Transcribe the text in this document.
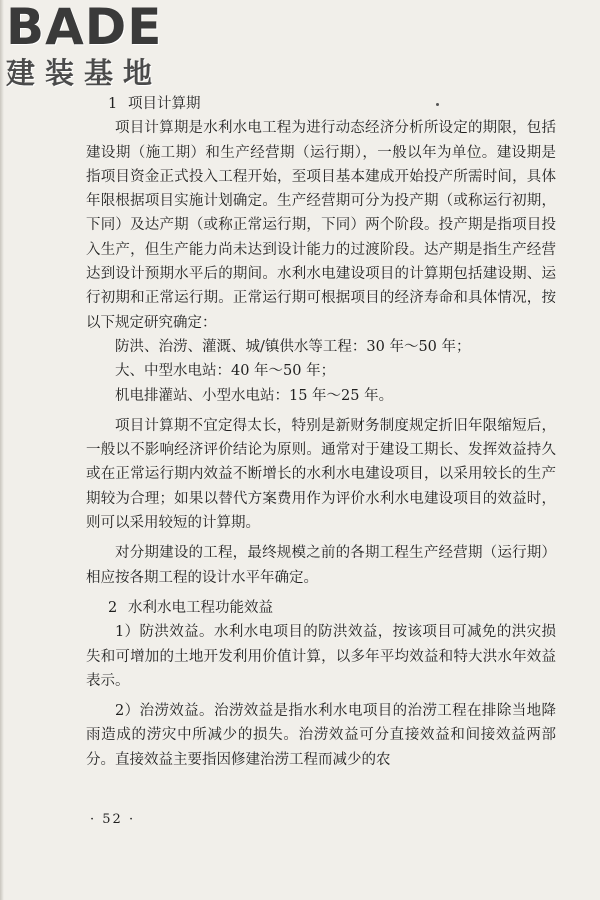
BADE
建装基地

1 项目计算期

项目计算期是水利水电工程为进行动态经济分析所设定的期限，包括建设期（施工期）和生产经营期（运行期），一般以年为单位。建设期是指项目资金正式投入工程开始，至项目基本建成开始投产所需时间，具体年限根据项目实施计划确定。生产经营期可分为投产期（或称运行初期，下同）及达产期（或称正常运行期，下同）两个阶段。投产期是指项目投入生产，但生产能力尚未达到设计能力的过渡阶段。达产期是指生产经营达到设计预期水平后的期间。水利水电建设项目的计算期包括建设期、运行初期和正常运行期。正常运行期可根据项目的经济寿命和具体情况，按以下规定研究确定：

防洪、治涝、灌溉、城/镇供水等工程：30 年～50 年；

大、中型水电站：40 年～50 年；

机电排灌站、小型水电站：15 年～25 年。

项目计算期不宜定得太长，特别是新财务制度规定折旧年限缩短后，一般以不影响经济评价结论为原则。通常对于建设工期长、发挥效益持久或在正常运行期内效益不断增长的水利水电建设项目，以采用较长的生产期较为合理；如果以替代方案费用作为评价水利水电建设项目的效益时，则可以采用较短的计算期。

对分期建设的工程，最终规模之前的各期工程生产经营期（运行期）相应按各期工程的设计水平年确定。

2 水利水电工程功能效益

1）防洪效益。水利水电项目的防洪效益，按该项目可减免的洪灾损失和可增加的土地开发利用价值计算，以多年平均效益和特大洪水年效益表示。

2）治涝效益。治涝效益是指水利水电项目的治涝工程在排除当地降雨造成的涝灾中所减少的损失。治涝效益可分直接效益和间接效益两部分。直接效益主要指因修建治涝工程而减少的农

· 52 ·
